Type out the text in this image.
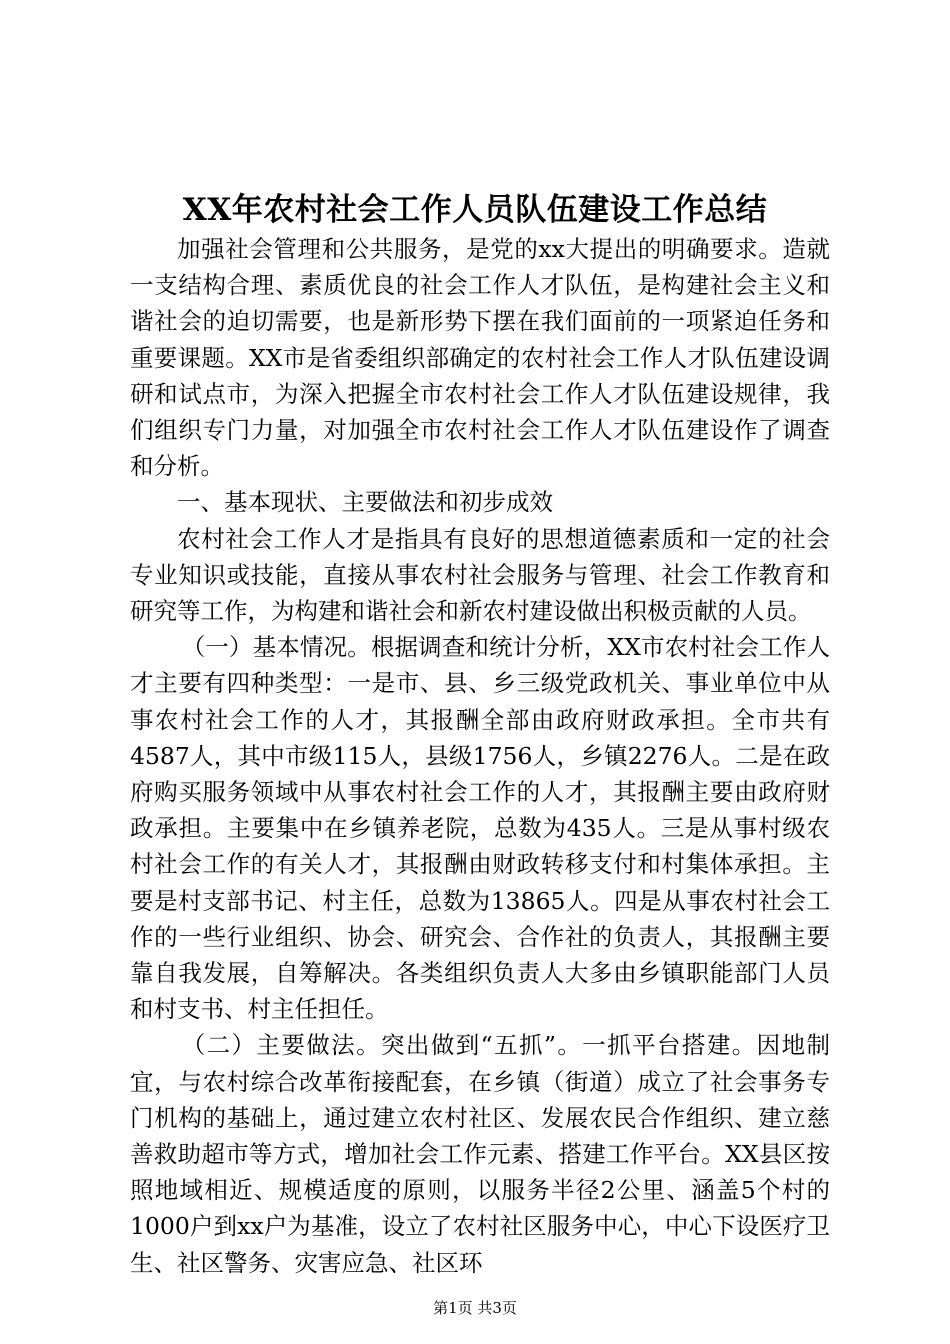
XX年农村社会工作人员队伍建设工作总结

加强社会管理和公共服务，是党的xx大提出的明确要求。造就一支结构合理、素质优良的社会工作人才队伍，是构建社会主义和谐社会的迫切需要，也是新形势下摆在我们面前的一项紧迫任务和重要课题。XX市是省委组织部确定的农村社会工作人才队伍建设调研和试点市，为深入把握全市农村社会工作人才队伍建设规律，我们组织专门力量，对加强全市农村社会工作人才队伍建设作了调查和分析。

一、基本现状、主要做法和初步成效

农村社会工作人才是指具有良好的思想道德素质和一定的社会专业知识或技能，直接从事农村社会服务与管理、社会工作教育和研究等工作，为构建和谐社会和新农村建设做出积极贡献的人员。

（一）基本情况。根据调查和统计分析，XX市农村社会工作人才主要有四种类型：一是市、县、乡三级党政机关、事业单位中从事农村社会工作的人才，其报酬全部由政府财政承担。全市共有4587人，其中市级115人，县级1756人，乡镇2276人。二是在政府购买服务领域中从事农村社会工作的人才，其报酬主要由政府财政承担。主要集中在乡镇养老院，总数为435人。三是从事村级农村社会工作的有关人才，其报酬由财政转移支付和村集体承担。主要是村支部书记、村主任，总数为13865人。四是从事农村社会工作的一些行业组织、协会、研究会、合作社的负责人，其报酬主要靠自我发展，自筹解决。各类组织负责人大多由乡镇职能部门人员和村支书、村主任担任。

（二）主要做法。突出做到“五抓”。一抓平台搭建。因地制宜，与农村综合改革衔接配套，在乡镇（街道）成立了社会事务专门机构的基础上，通过建立农村社区、发展农民合作组织、建立慈善救助超市等方式，增加社会工作元素、搭建工作平台。XX县区按照地域相近、规模适度的原则，以服务半径2公里、涵盖5个村的1000户到xx户为基准，设立了农村社区服务中心，中心下设医疗卫生、社区警务、灾害应急、社区环

第1页 共3页
